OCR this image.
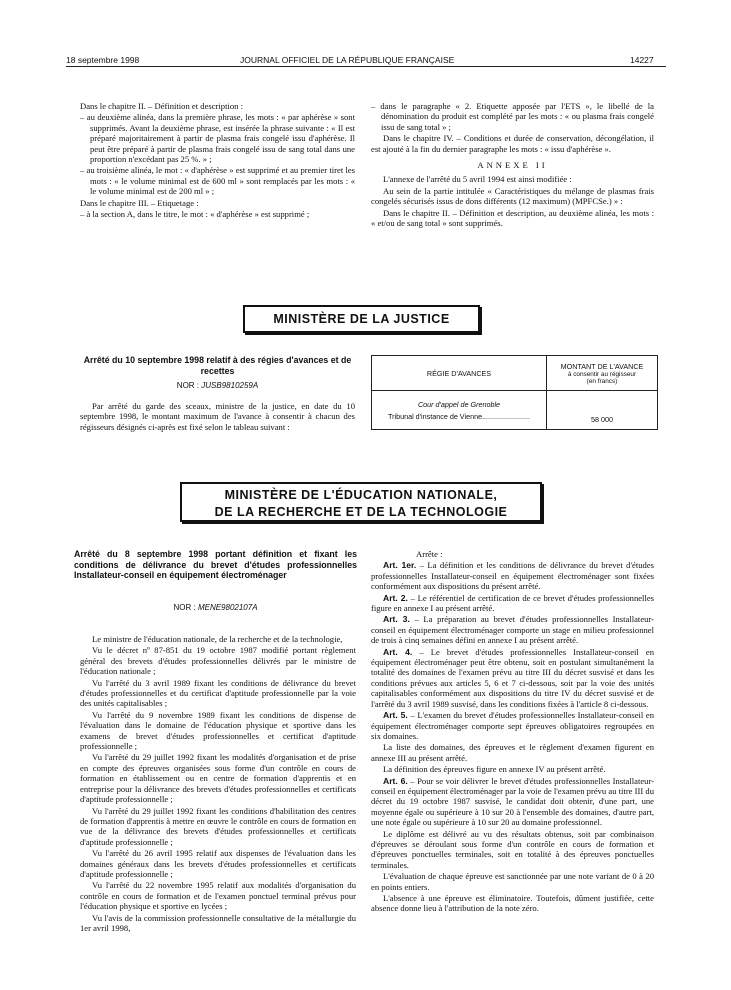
18 septembre 1998	JOURNAL OFFICIEL DE LA RÉPUBLIQUE FRANÇAISE	14227

Dans le chapitre II. – Définition et description :

– au deuxième alinéa, dans la première phrase, les mots : « par aphérèse » sont supprimés. Avant la deuxième phrase, est insérée la phrase suivante : « Il est préparé majoritairement à partir de plasma frais congelé issu d'aphérèse. Il peut être préparé à partir de plasma frais congelé issu de sang total dans une proportion n'excédant pas 25 %. » ;

– au troisième alinéa, le mot : « d'aphérèse » est supprimé et au premier tiret les mots : « le volume minimal est de 600 ml » sont remplacés par les mots : « le volume minimal est de 200 ml » ;

Dans le chapitre III. – Etiquetage :

– à la section A, dans le titre, le mot : « d'aphérèse » est supprimé ;

– dans le paragraphe « 2. Etiquette apposée par l'ETS », le libellé de la dénomination du produit est complété par les mots : « ou plasma frais congelé issu de sang total » ;

Dans le chapitre IV. – Conditions et durée de conservation, décongélation, il est ajouté à la fin du dernier paragraphe les mots : « issu d'aphérèse ».

ANNEXE II

L'annexe de l'arrêté du 5 avril 1994 est ainsi modifiée :

Au sein de la partie intitulée « Caractéristiques du mélange de plasmas frais congelés sécurisés issus de dons différents (12 maximum) (MPFCSe.) » :

Dans le chapitre II. – Définition et description, au deuxième alinéa, les mots : « et/ou de sang total » sont supprimés.

MINISTÈRE DE LA JUSTICE
Arrêté du 10 septembre 1998 relatif à des régies d'avances et de recettes
NOR : JUSB9810259A
Par arrêté du garde des sceaux, ministre de la justice, en date du 10 septembre 1998, le montant maximum de l'avance à consentir à chacun des régisseurs désignés ci-après est fixé selon le tableau suivant :
RÉGIE D'AVANCES	MONTANT DE L'AVANCE
à consentir au régisseur
(en francs)

Cour d'appel de Grenoble
Tribunal d'instance de Vienne........................	58 000
MINISTÈRE DE L'ÉDUCATION NATIONALE,
DE LA RECHERCHE ET DE LA TECHNOLOGIE
Arrêté du 8 septembre 1998 portant définition et fixant les conditions de délivrance du brevet d'études professionnelles Installateur-conseil en équipement électroménager
NOR : MENE9802107A

Le ministre de l'éducation nationale, de la recherche et de la technologie,

Vu le décret nº 87-851 du 19 octobre 1987 modifié portant règlement général des brevets d'études professionnelles délivrés par le ministre de l'éducation nationale ;

Vu l'arrêté du 3 avril 1989 fixant les conditions de délivrance du brevet d'études professionnelles et du certificat d'aptitude professionnelle par la voie des unités capitalisables ;

Vu l'arrêté du 9 novembre 1989 fixant les conditions de dispense de l'évaluation dans le domaine de l'éducation physique et sportive dans les examens de brevet d'études professionnelles et certificat d'aptitude professionnelle ;

Vu l'arrêté du 29 juillet 1992 fixant les modalités d'organisation et de prise en compte des épreuves organisées sous forme d'un contrôle en cours de formation en établissement ou en centre de formation d'apprentis et en entreprise pour la délivrance des brevets d'études professionnelles et certificats d'aptitude professionnelle ;

Vu l'arrêté du 29 juillet 1992 fixant les conditions d'habilitation des centres de formation d'apprentis à mettre en œuvre le contrôle en cours de formation en vue de la délivrance des brevets d'études professionnelles et certificats d'aptitude professionnelle ;

Vu l'arrêté du 26 avril 1995 relatif aux dispenses de l'évaluation dans les domaines généraux dans les brevets d'études professionnelles et certificats d'aptitude professionnelle ;

Vu l'arrêté du 22 novembre 1995 relatif aux modalités d'organisation du contrôle en cours de formation et de l'examen ponctuel terminal prévus pour l'éducation physique et sportive en lycées ;

Vu l'avis de la commission professionnelle consultative de la métallurgie du 1er avril 1998,

Arrête :

Art. 1er. – La définition et les conditions de délivrance du brevet d'études professionnelles Installateur-conseil en équipement électroménager sont fixées conformément aux dispositions du présent arrêté.

Art. 2. – Le référentiel de certification de ce brevet d'études professionnelles figure en annexe I au présent arrêté.

Art. 3. – La préparation au brevet d'études professionnelles Installateur-conseil en équipement électroménager comporte un stage en milieu professionnel de trois à cinq semaines défini en annexe I au présent arrêté.

Art. 4. – Le brevet d'études professionnelles Installateur-conseil en équipement électroménager peut être obtenu, soit en postulant simultanément la totalité des domaines de l'examen prévu au titre III du décret susvisé et dans les conditions prévues aux articles 5, 6 et 7 ci-dessous, soit par la voie des unités capitalisables conformément aux dispositions du titre IV du décret susvisé et de l'arrêté du 3 avril 1989 susvisé, dans les conditions fixées à l'article 8 ci-dessous.

Art. 5. – L'examen du brevet d'études professionnelles Installateur-conseil en équipement électroménager comporte sept épreuves obligatoires regroupées en six domaines.

La liste des domaines, des épreuves et le règlement d'examen figurent en annexe III au présent arrêté.

La définition des épreuves figure en annexe IV au présent arrêté.

Art. 6. – Pour se voir délivrer le brevet d'études professionnelles Installateur-conseil en équipement électroménager par la voie de l'examen prévu au titre III du décret du 19 octobre 1987 susvisé, le candidat doit obtenir, d'une part, une moyenne égale ou supérieure à 10 sur 20 à l'ensemble des domaines, d'autre part, une note égale ou supérieure à 10 sur 20 au domaine professionnel.

Le diplôme est délivré au vu des résultats obtenus, soit par combinaison d'épreuves se déroulant sous forme d'un contrôle en cours de formation et d'épreuves ponctuelles terminales, soit en totalité à des épreuves ponctuelles terminales.

L'évaluation de chaque épreuve est sanctionnée par une note variant de 0 à 20 en points entiers.

L'absence à une épreuve est éliminatoire. Toutefois, dûment justifiée, cette absence donne lieu à l'attribution de la note zéro.
